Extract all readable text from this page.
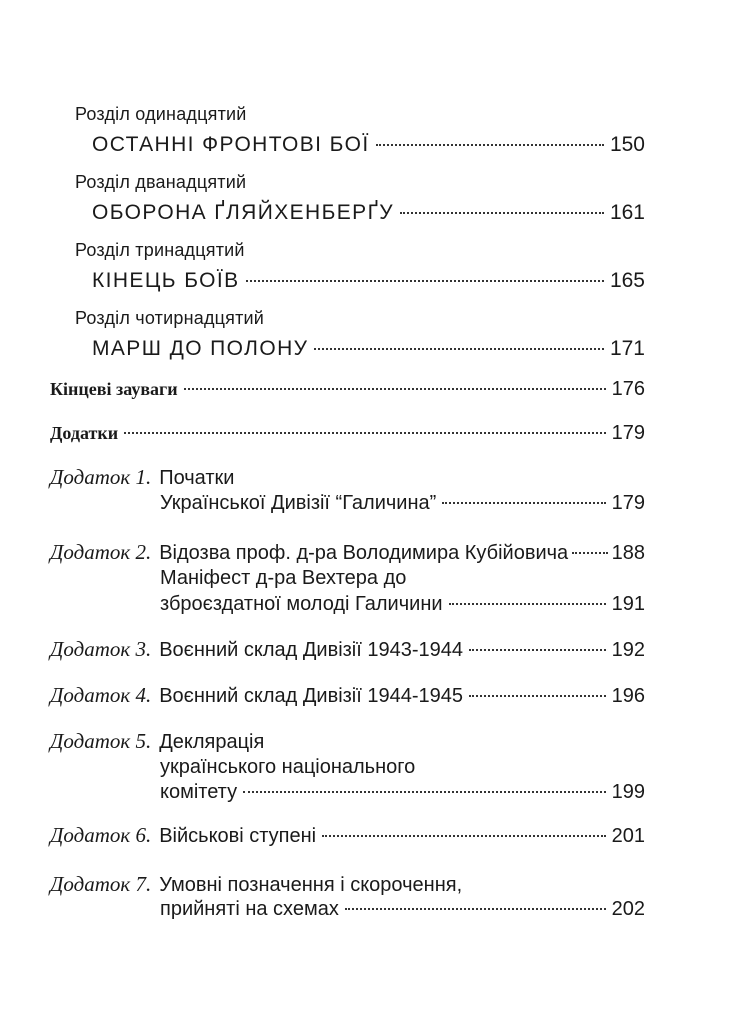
Розділ одинадцятий
ОСТАННІ ФРОНТОВІ БОЇ	150
Розділ дванадцятий
ОБОРОНА ҐЛЯЙХЕНБЕРҐУ	161
Розділ тринадцятий
КІНЕЦЬ БОЇВ	165
Розділ чотирнадцятий
МАРШ ДО ПОЛОНУ	171
Кінцеві зауваги	176
Додатки	179
Додаток 1. Початки
Української Дивізії “Галичина”	179
Додаток 2. Відозва проф. д-ра Володимира Кубійовича 188
Маніфест д-ра Вехтера до
зброєздатної молоді Галичини	191
Додаток 3. Воєнний склад Дивізії 1943-1944	192
Додаток 4. Воєнний склад Дивізії 1944-1945	196
Додаток 5. Деклярація
українського національного
комітету	199
Додаток 6. Військові ступені	201
Додаток 7. Умовні позначення і скорочення,
прийняті на схемах	202
